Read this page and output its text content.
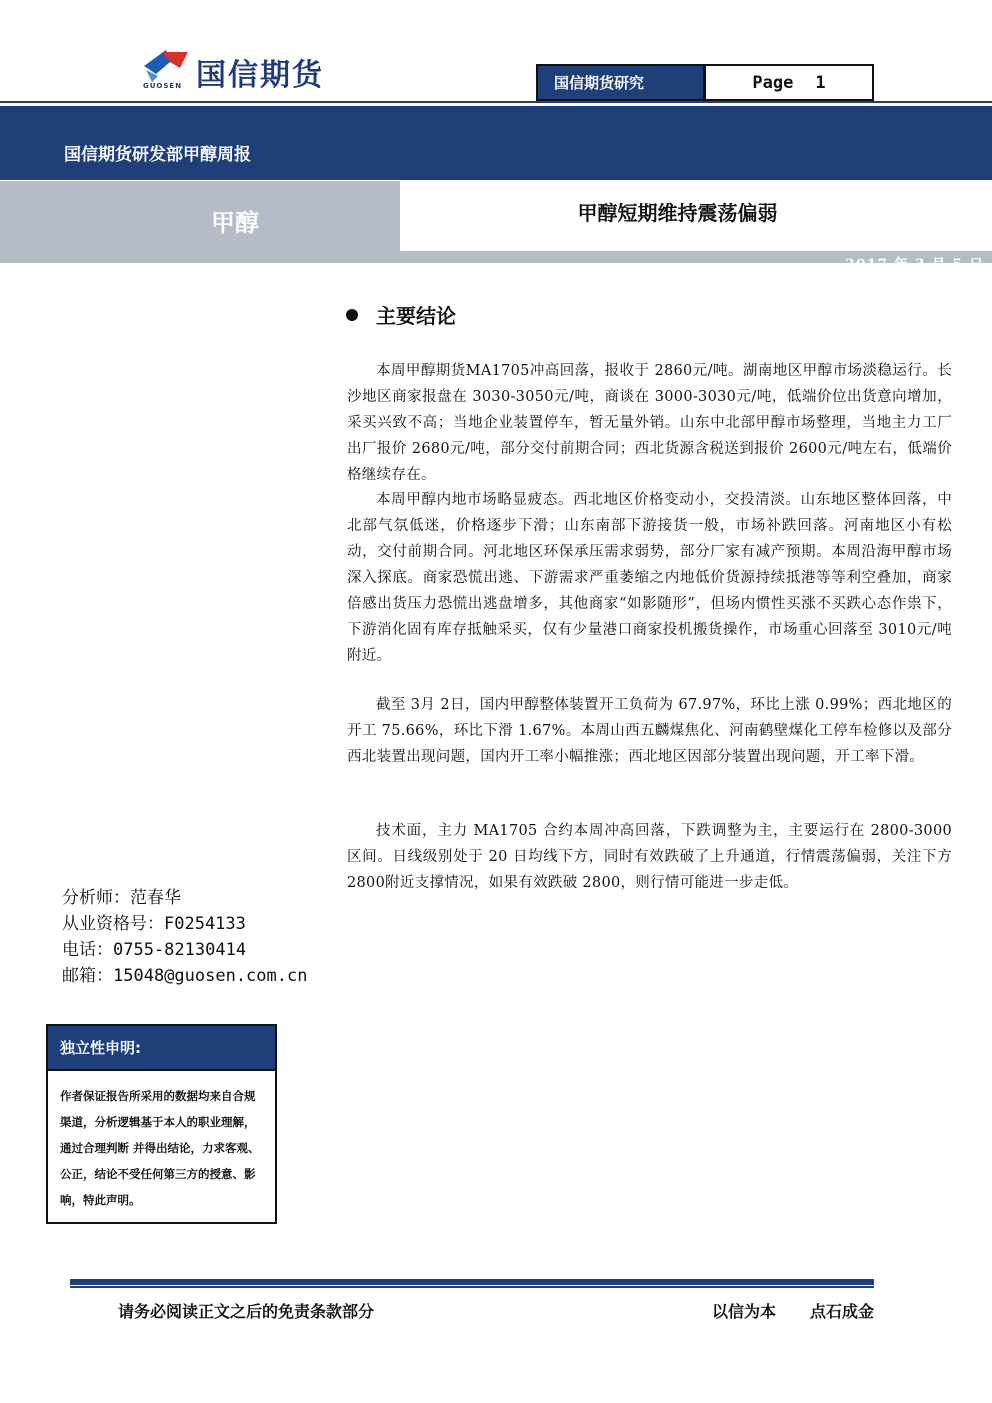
国信期货
GUOSEN	国信期货研究	Page 1
国信期货研发部甲醇周报
甲醇	甲醇短期维持震荡偏弱
2017 年 3 月 5 日
主要结论

本周甲醇期货MA1705冲高回落，报收于 2860元/吨。湖南地区甲醇市场淡稳运行。长沙地区商家报盘在 3030-3050元/吨，商谈在 3000-3030元/吨，低端价位出货意向增加，采买兴致不高；当地企业装置停车，暂无量外销。山东中北部甲醇市场整理，当地主力工厂出厂报价 2680元/吨，部分交付前期合同；西北货源含税送到报价 2600元/吨左右，低端价格继续存在。

本周甲醇内地市场略显疲态。西北地区价格变动小，交投清淡。山东地区整体回落，中北部气氛低迷，价格逐步下滑；山东南部下游接货一般，市场补跌回落。河南地区小有松动，交付前期合同。河北地区环保承压需求弱势，部分厂家有减产预期。本周沿海甲醇市场深入探底。商家恐慌出逃、下游需求严重萎缩之内地低价货源持续抵港等等利空叠加，商家倍感出货压力恐慌出逃盘增多，其他商家“如影随形”，但场内惯性买涨不买跌心态作祟下，下游消化固有库存抵触采买，仅有少量港口商家投机搬货操作，市场重心回落至 3010元/吨附近。

截至 3月 2日，国内甲醇整体装置开工负荷为 67.97%，环比上涨 0.99%；西北地区的开工 75.66%，环比下滑 1.67%。本周山西五麟煤焦化、河南鹤壁煤化工停车检修以及部分西北装置出现问题，国内开工率小幅推涨；西北地区因部分装置出现问题，开工率下滑。

技术面，主力 MA1705 合约本周冲高回落，下跌调整为主，主要运行在 2800-3000 区间。日线级别处于 20 日均线下方，同时有效跌破了上升通道，行情震荡偏弱，关注下方 2800附近支撑情况，如果有效跌破 2800，则行情可能进一步走低。

分析师：范春华
从业资格号：F0254133
电话：0755-82130414
邮箱：15048@guosen.com.cn
独立性申明:
作者保证报告所采用的数据均来自合规渠道，分析逻辑基于本人的职业理解，通过合理判断 并得出结论，力求客观、公正，结论不受任何第三方的授意、影响，特此声明。
请务必阅读正文之后的免责条款部分	以信为本 点石成金
